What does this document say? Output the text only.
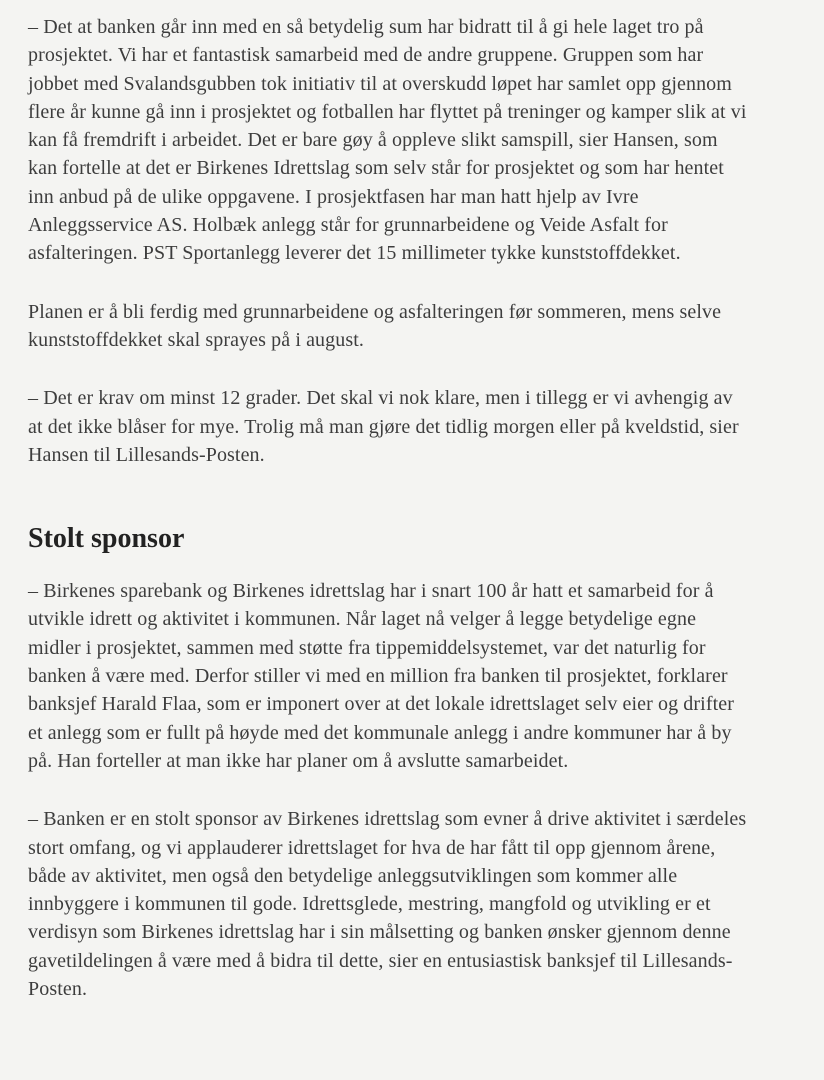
– Det at banken går inn med en så betydelig sum har bidratt til å gi hele laget tro på prosjektet. Vi har et fantastisk samarbeid med de andre gruppene. Gruppen som har jobbet med Svalandsgubben tok initiativ til at overskudd løpet har samlet opp gjennom flere år kunne gå inn i prosjektet og fotballen har flyttet på treninger og kamper slik at vi kan få fremdrift i arbeidet. Det er bare gøy å oppleve slikt samspill, sier Hansen, som kan fortelle at det er Birkenes Idrettslag som selv står for prosjektet og som har hentet inn anbud på de ulike oppgavene. I prosjektfasen har man hatt hjelp av Ivre Anleggsservice AS. Holbæk anlegg står for grunnarbeidene og Veide Asfalt for asfalteringen. PST Sportanlegg leverer det 15 millimeter tykke kunststoffdekket.

Planen er å bli ferdig med grunnarbeidene og asfalteringen før sommeren, mens selve kunststoffdekket skal sprayes på i august.

– Det er krav om minst 12 grader. Det skal vi nok klare, men i tillegg er vi avhengig av at det ikke blåser for mye. Trolig må man gjøre det tidlig morgen eller på kveldstid, sier Hansen til Lillesands-Posten.

Stolt sponsor

– Birkenes sparebank og Birkenes idrettslag har i snart 100 år hatt et samarbeid for å utvikle idrett og aktivitet i kommunen. Når laget nå velger å legge betydelige egne midler i prosjektet, sammen med støtte fra tippemiddelsystemet, var det naturlig for banken å være med. Derfor stiller vi med en million fra banken til prosjektet, forklarer banksjef Harald Flaa, som er imponert over at det lokale idrettslaget selv eier og drifter et anlegg som er fullt på høyde med det kommunale anlegg i andre kommuner har å by på. Han forteller at man ikke har planer om å avslutte samarbeidet.

– Banken er en stolt sponsor av Birkenes idrettslag som evner å drive aktivitet i særdeles stort omfang, og vi applauderer idrettslaget for hva de har fått til opp gjennom årene, både av aktivitet, men også den betydelige anleggsutviklingen som kommer alle innbyggere i kommunen til gode. Idrettsglede, mestring, mangfold og utvikling er et verdisyn som Birkenes idrettslag har i sin målsetting og banken ønsker gjennom denne gavetildelingen å være med å bidra til dette, sier en entusiastisk banksjef til Lillesands-Posten.
